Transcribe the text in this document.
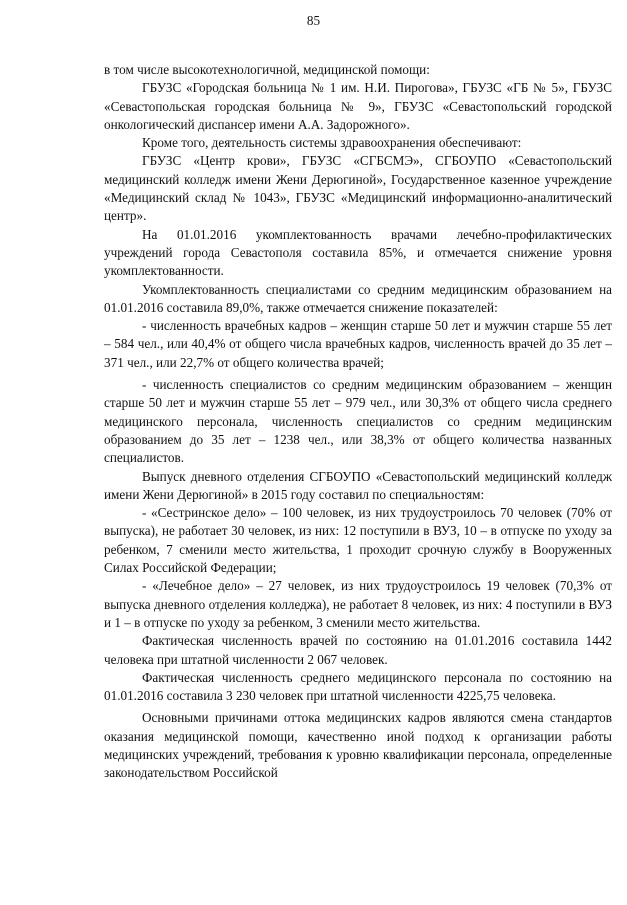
85

в том числе высокотехнологичной, медицинской помощи:

ГБУЗС «Городская больница № 1 им. Н.И. Пирогова», ГБУЗС «ГБ № 5», ГБУЗС «Севастопольская городская больница № 9», ГБУЗС «Севастопольский городской онкологический диспансер имени А.А. Задорожного».

Кроме того, деятельность системы здравоохранения обеспечивают:

ГБУЗС «Центр крови», ГБУЗС «СГБСМЭ», СГБОУПО «Севастопольский медицинский колледж имени Жени Дерюгиной», Государственное казенное учреждение «Медицинский склад № 1043», ГБУЗС «Медицинский информационно-аналитический центр».

На 01.01.2016 укомплектованность врачами лечебно-профилактических учреждений города Севастополя составила 85%, и отмечается снижение уровня укомплектованности.

Укомплектованность специалистами со средним медицинским образованием на 01.01.2016 составила 89,0%, также отмечается снижение показателей:

- численность врачебных кадров – женщин старше 50 лет и мужчин старше 55 лет – 584 чел., или 40,4% от общего числа врачебных кадров, численность врачей до 35 лет – 371 чел., или 22,7% от общего количества врачей;

- численность специалистов со средним медицинским образованием – женщин старше 50 лет и мужчин старше 55 лет – 979 чел., или 30,3% от общего числа среднего медицинского персонала, численность специалистов со средним медицинским образованием до 35 лет – 1238 чел., или 38,3% от общего количества названных специалистов.

Выпуск дневного отделения СГБОУПО «Севастопольский медицинский колледж имени Жени Дерюгиной» в 2015 году составил по специальностям:

- «Сестринское дело» – 100 человек, из них трудоустроилось 70 человек (70% от выпуска), не работает 30 человек, из них: 12 поступили в ВУЗ, 10 – в отпуске по уходу за ребенком, 7 сменили место жительства, 1 проходит срочную службу в Вооруженных Силах Российской Федерации;

- «Лечебное дело» – 27 человек, из них трудоустроилось 19 человек (70,3% от выпуска дневного отделения колледжа), не работает 8 человек, из них: 4 поступили в ВУЗ и 1 – в отпуске по уходу за ребенком, 3 сменили место жительства.

Фактическая численность врачей по состоянию на 01.01.2016 составила 1442 человека при штатной численности 2 067 человек.

Фактическая численность среднего медицинского персонала по состоянию на 01.01.2016 составила 3 230 человек при штатной численности 4225,75 человека.

Основными причинами оттока медицинских кадров являются смена стандартов оказания медицинской помощи, качественно иной подход к организации работы медицинских учреждений, требования к уровню квалификации персонала, определенные законодательством Российской
